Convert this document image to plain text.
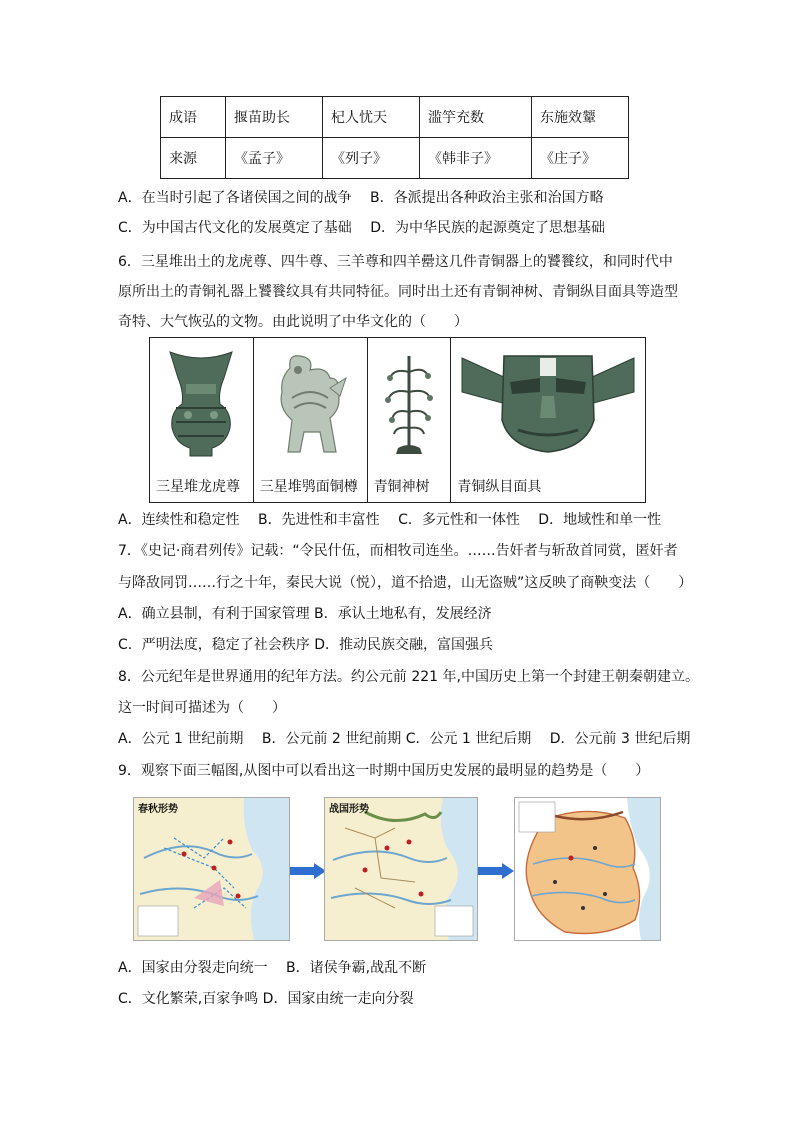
成语	揠苗助长	杞人忧天	滥竽充数	东施效颦
来源	《孟子》	《列子》	《韩非子》	《庄子》
A．在当时引起了各诸侯国之间的战争　 B．各派提出各种政治主张和治国方略
C．为中国古代文化的发展奠定了基础　 D．为中华民族的起源奠定了思想基础
6．三星堆出土的龙虎尊、四牛尊、三羊尊和四羊罍这几件青铜器上的饕餮纹，和同时代中
原所出土的青铜礼器上饕餮纹具有共同特征。同时出土还有青铜神树、青铜纵目面具等造型
奇特、大气恢弘的文物。由此说明了中华文化的（　　）
三星堆龙虎尊 三星堆鸮面铜樽 青铜神树 青铜纵目面具
A．连续性和稳定性　 B．先进性和丰富性　 C．多元性和一体性　 D．地域性和单一性
7．《史记·商君列传》记载：“令民什伍，而相牧司连坐。……告奸者与斩敌首同赏，匿奸者
与降敌同罚……行之十年，秦民大说（悦），道不拾遗，山无盗贼”这反映了商鞅变法（　　）
A．确立县制，有利于国家管理 B．承认土地私有，发展经济
C．严明法度，稳定了社会秩序 D．推动民族交融，富国强兵
8．公元纪年是世界通用的纪年方法。约公元前 221 年,中国历史上第一个封建王朝秦朝建立。
这一时间可描述为（　　）
A．公元 1 世纪前期　 B．公元前 2 世纪前期 C．公元 1 世纪后期　 D．公元前 3 世纪后期
9．观察下面三幅图,从图中可以看出这一时期中国历史发展的最明显的趋势是（　　）
春秋形势	战国形势
A．国家由分裂走向统一　 B．诸侯争霸,战乱不断
C．文化繁荣,百家争鸣 D．国家由统一走向分裂
